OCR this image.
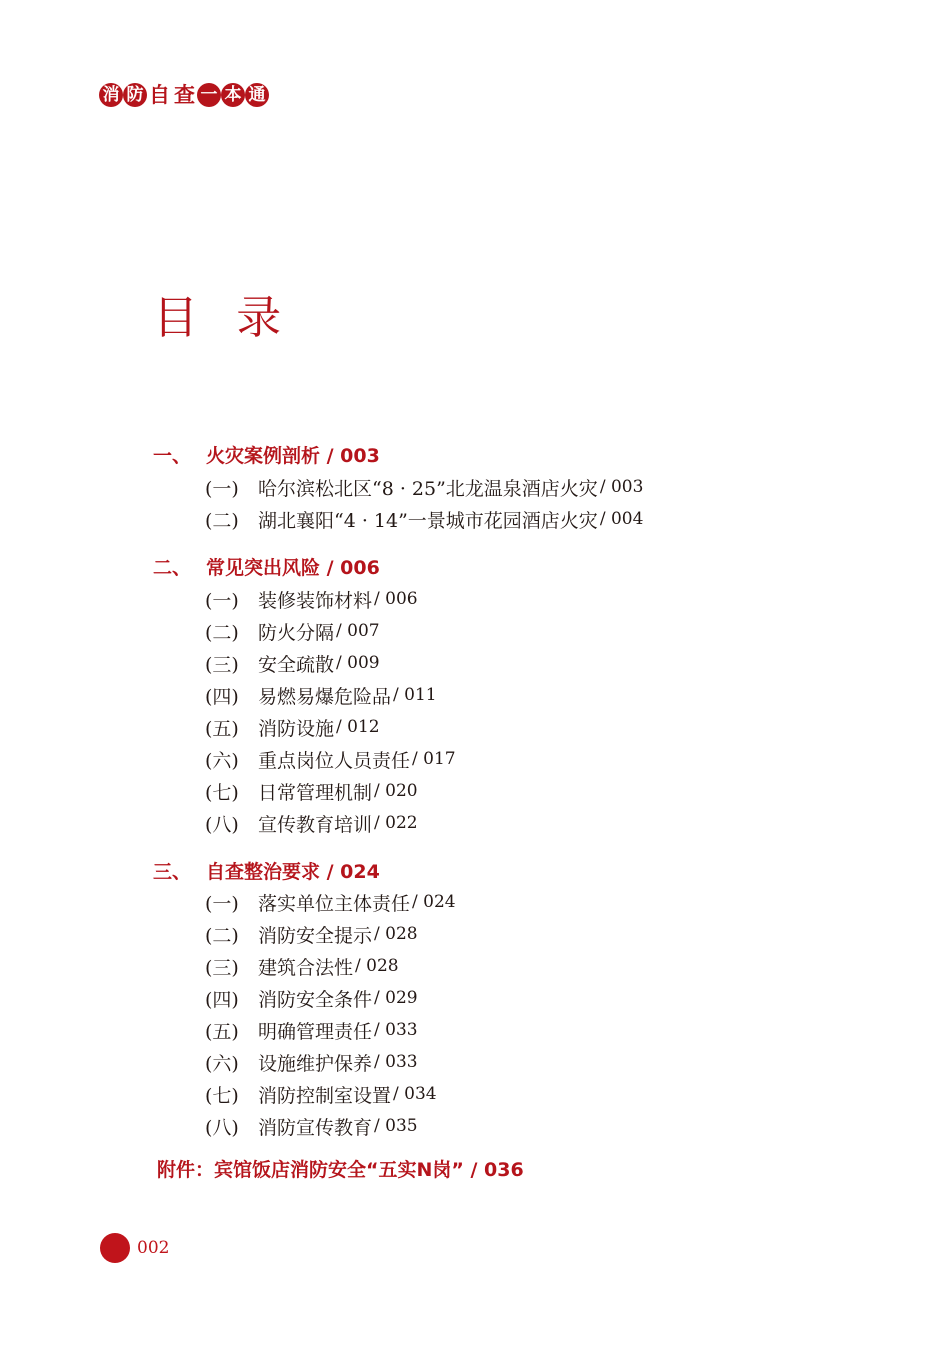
消 防 自 查 一 本 通
目 录
一、 火灾案例剖析 / 003
(一)	哈尔滨松北区“8 · 25”北龙温泉酒店火灾 / 003
(二)	湖北襄阳“4 · 14”一景城市花园酒店火灾 / 004
二、 常见突出风险 / 006
(一)	装修装饰材料 / 006
(二)	防火分隔 / 007
(三)	安全疏散 / 009
(四)	易燃易爆危险品 / 011
(五)	消防设施 / 012
(六)	重点岗位人员责任 / 017
(七)	日常管理机制 / 020
(八)	宣传教育培训 / 022
三、 自查整治要求 / 024
(一)	落实单位主体责任 / 024
(二)	消防安全提示 / 028
(三)	建筑合法性 / 028
(四)	消防安全条件 / 029
(五)	明确管理责任 / 033
(六)	设施维护保养 / 033
(七)	消防控制室设置 / 034
(八)	消防宣传教育 / 035
附件：宾馆饭店消防安全“五实N岗” / 036
002
